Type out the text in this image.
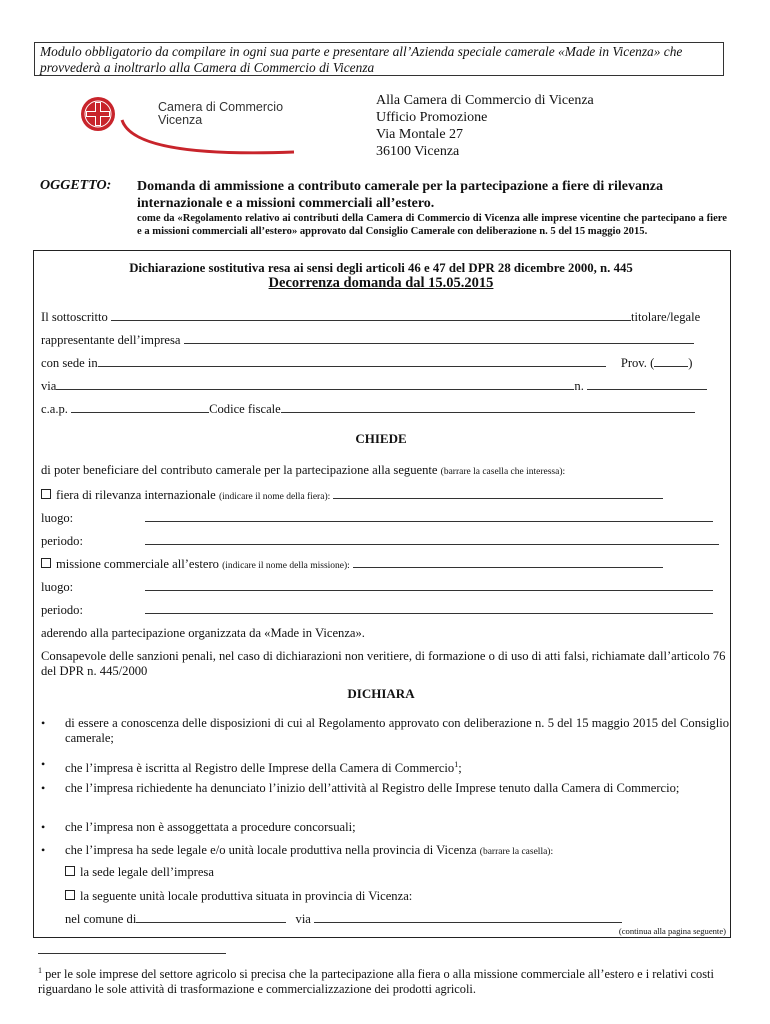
Modulo obbligatorio da compilare in ogni sua parte e presentare all’Azienda speciale camerale «Made in Vicenza» che provvederà a inoltrarlo alla Camera di Commercio di Vicenza
Camera di Commercio
Vicenza
Alla Camera di Commercio di Vicenza
Ufficio Promozione
Via Montale 27
36100 Vicenza
OGGETTO: Domanda di ammissione a contributo camerale per la partecipazione a fiere di rilevanza internazionale e a missioni commerciali all’estero.
come da «Regolamento relativo ai contributi della Camera di Commercio di Vicenza alle imprese vicentine che partecipano a fiere e a missioni commerciali all’estero» approvato dal Consiglio Camerale con deliberazione n. 5 del 15 maggio 2015.
Dichiarazione sostitutiva resa ai sensi degli articoli 46 e 47 del DPR 28 dicembre 2000, n. 445
Decorrenza domanda dal 15.05.2015
Il sottoscritto	titolare/legale
rappresentante dell’impresa
con sede in	Prov. (	)
via	n.
c.a.p.	Codice fiscale
CHIEDE
di poter beneficiare del contributo camerale per la partecipazione alla seguente (barrare la casella che interessa):
fiera di rilevanza internazionale (indicare il nome della fiera):
luogo:
periodo:
missione commerciale all’estero (indicare il nome della missione):
luogo:
periodo:
aderendo alla partecipazione organizzata da «Made in Vicenza».
Consapevole delle sanzioni penali, nel caso di dichiarazioni non veritiere, di formazione o di uso di atti falsi, richiamate dall’articolo 76 del DPR n. 445/2000
DICHIARA
• di essere a conoscenza delle disposizioni di cui al Regolamento approvato con deliberazione n. 5 del 15 maggio 2015 del Consiglio camerale;
• che l’impresa è iscritta al Registro delle Imprese della Camera di Commercio$^1$;
• che l’impresa richiedente ha denunciato l’inizio dell’attività al Registro delle Imprese tenuto dalla Camera di Commercio;
• che l’impresa non è assoggettata a procedure concorsuali;
• che l’impresa ha sede legale e/o unità locale produttiva nella provincia di Vicenza (barrare la casella):
la sede legale dell’impresa
la seguente unità locale produttiva situata in provincia di Vicenza:
nel comune di	via
(continua alla pagina seguente)
$^1$ per le sole imprese del settore agricolo si precisa che la partecipazione alla fiera o alla missione commerciale all’estero e i relativi costi riguardano le sole attività di trasformazione e commercializzazione dei prodotti agricoli.
